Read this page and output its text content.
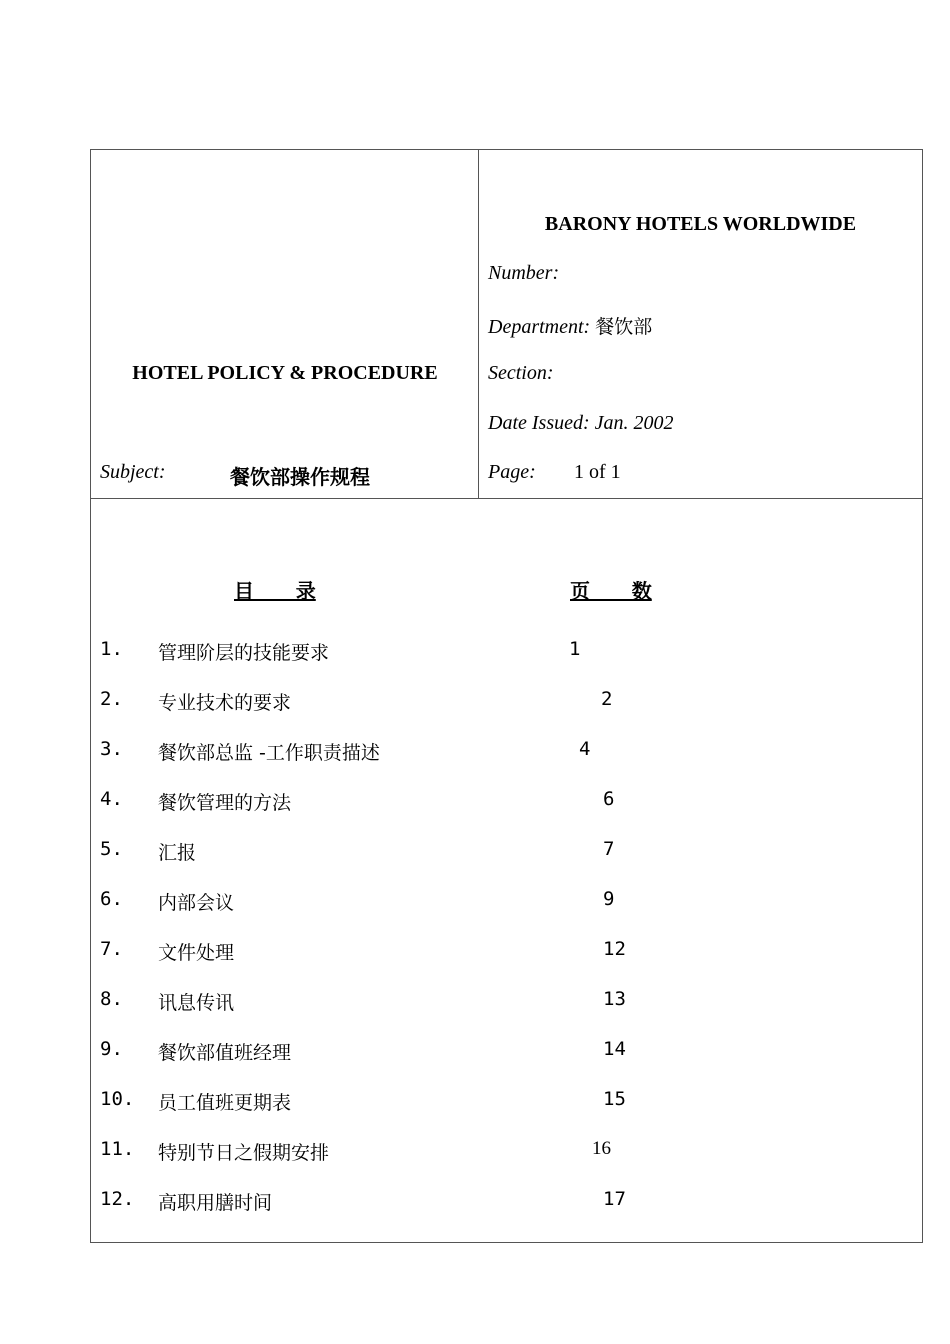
HOTEL POLICY & PROCEDURE
Subject:	餐饮部操作规程
BARONY HOTELS WORLDWIDE
Number:
Department: 餐饮部
Section:
Date Issued: Jan. 2002
Page: 1 of 1
目      录	页      数
1. 管理阶层的技能要求	1
2. 专业技术的要求	2
3. 餐饮部总监 -工作职责描述	4
4. 餐饮管理的方法	6
5. 汇报	7
6. 内部会议	9
7. 文件处理	12
8. 讯息传讯	13
9. 餐饮部值班经理	14
10. 员工值班更期表	15
11. 特别节日之假期安排	16
12. 高职用膳时间	17
